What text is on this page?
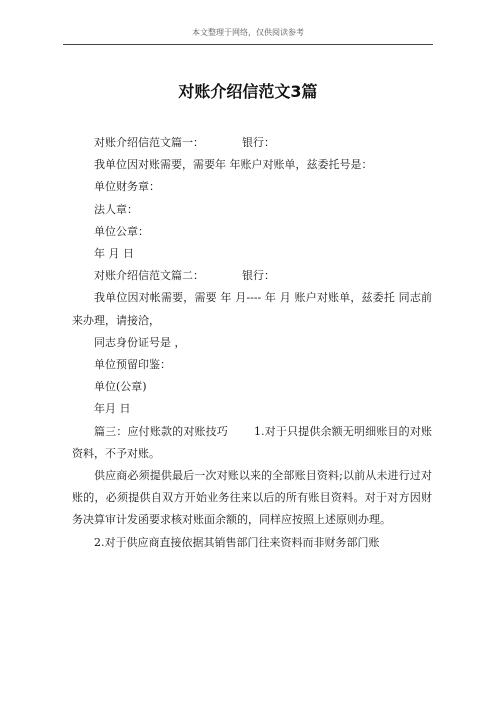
本文整理于网络，仅供阅读参考
对账介绍信范文3篇

对账介绍信范文篇一：	银行：

我单位因对账需要，需要年 年账户对账单，兹委托号是：

单位财务章：

法人章：

单位公章：

年 月 日

对账介绍信范文篇二：	银行：

我单位因对帐需要，需要 年 月---- 年 月 账户对账单，兹委托 同志前来办理，请接洽，

同志身份证号是 ，

单位预留印鉴：

单位(公章)

年月 日

篇三：应付账款的对账技巧 1.对于只提供余额无明细账目的对账资料，不予对账。

供应商必须提供最后一次对账以来的全部账目资料;以前从未进行过对账的，必须提供自双方开始业务往来以后的所有账目资料。对于对方因财务决算审计发函要求核对账面余额的，同样应按照上述原则办理。

2.对于供应商直接依据其销售部门往来资料而非财务部门账
